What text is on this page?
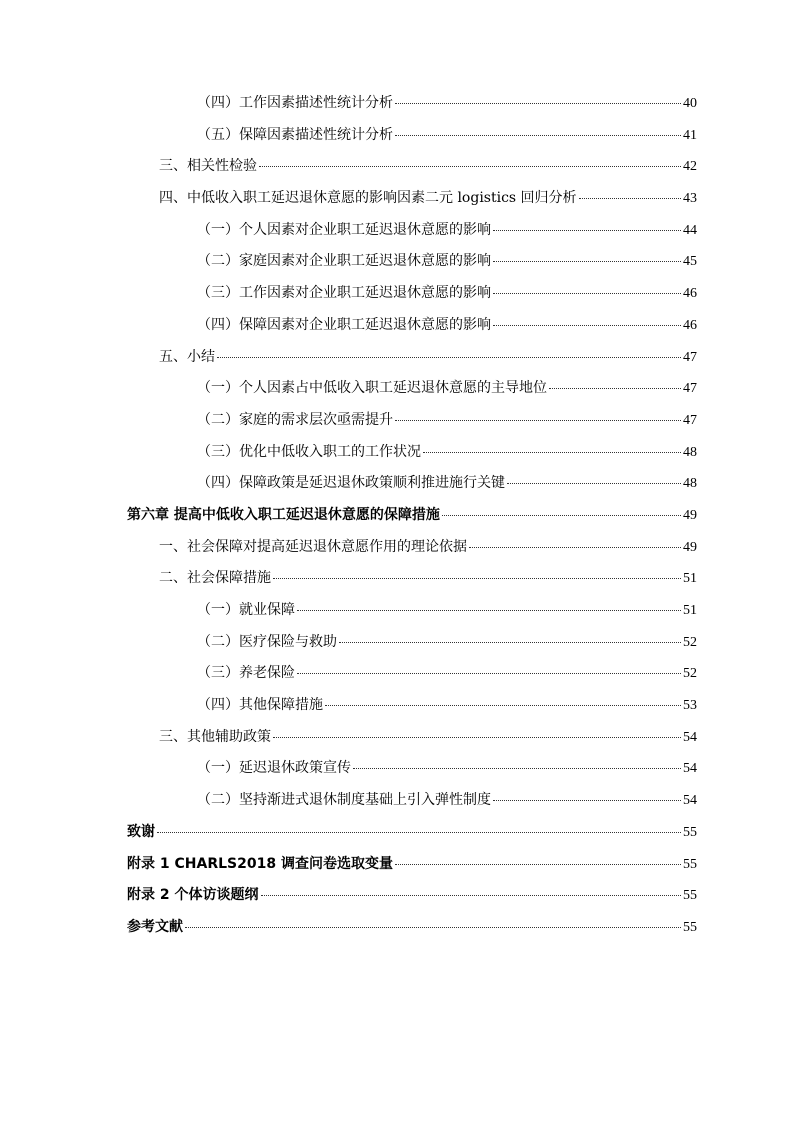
（四）工作因素描述性统计分析	40
（五）保障因素描述性统计分析	41
三、相关性检验	42
四、中低收入职工延迟退休意愿的影响因素二元 logistics 回归分析	43
（一）个人因素对企业职工延迟退休意愿的影响	44
（二）家庭因素对企业职工延迟退休意愿的影响	45
（三）工作因素对企业职工延迟退休意愿的影响	46
（四）保障因素对企业职工延迟退休意愿的影响	46
五、小结	47
（一）个人因素占中低收入职工延迟退休意愿的主导地位	47
（二）家庭的需求层次亟需提升	47
（三）优化中低收入职工的工作状况	48
（四）保障政策是延迟退休政策顺利推进施行关键	48
第六章 提高中低收入职工延迟退休意愿的保障措施	49
一、社会保障对提高延迟退休意愿作用的理论依据	49
二、社会保障措施	51
（一）就业保障	51
（二）医疗保险与救助	52
（三）养老保险	52
（四）其他保障措施	53
三、其他辅助政策	54
（一）延迟退休政策宣传	54
（二）坚持渐进式退休制度基础上引入弹性制度	54
致谢	55
附录 1 CHARLS2018 调查问卷选取变量	55
附录 2 个体访谈题纲	55
参考文献	55
